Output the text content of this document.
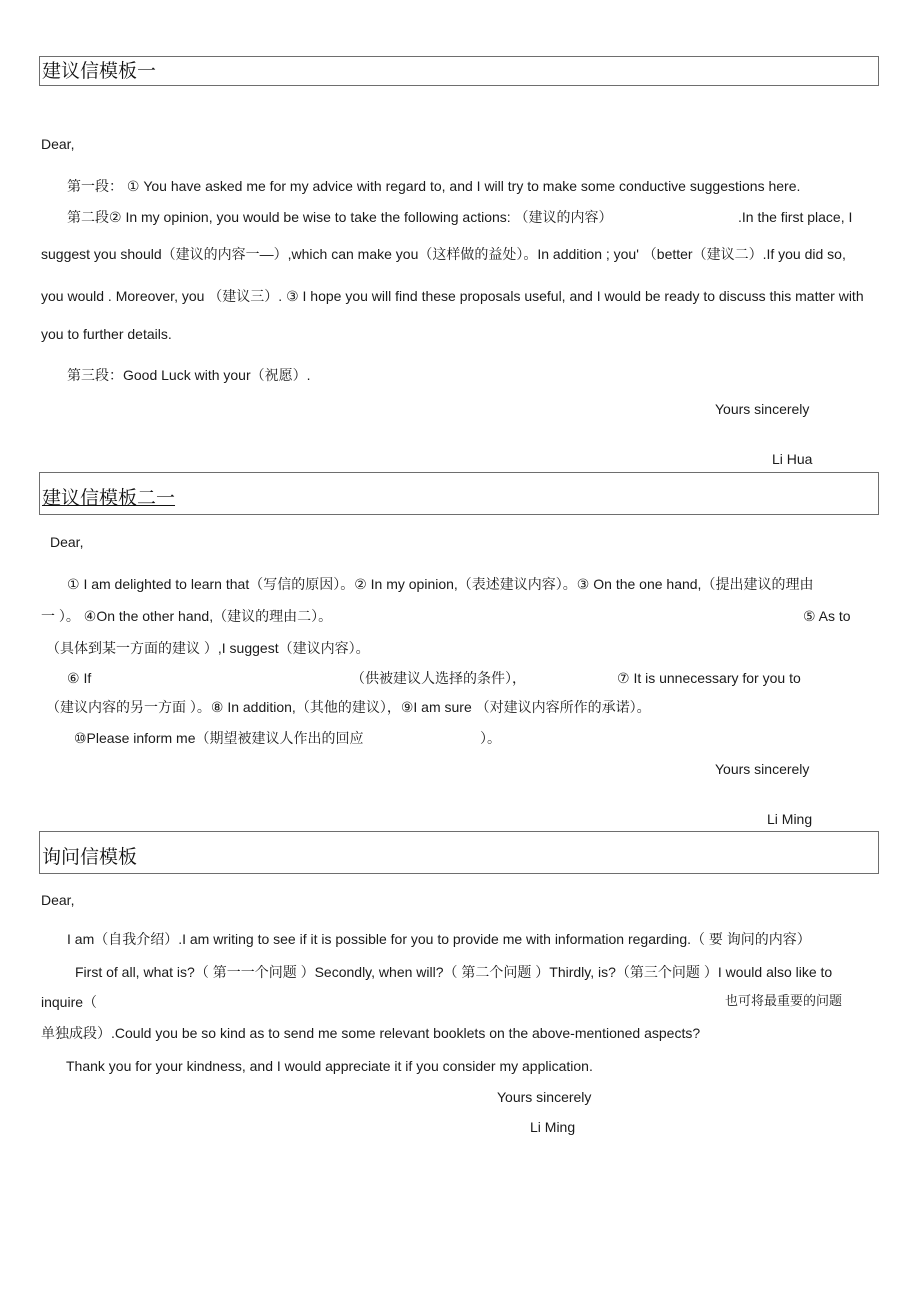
建议信模板一
Dear,
第一段： ① You have asked me for my advice with regard to, and I will try to make some conductive suggestions here.
第二段② In my opinion, you would be wise to take the following actions: （建议的内容）	.In the first place, I
suggest you should（建议的内容一—）,which can make you（这样做的益处）。In addition ; you' （better（建议二）.If you did so,
you would . Moreover, you （建议三）. ③ I hope you will find these proposals useful, and I would be ready to discuss this matter with
you to further details.
第三段：Good Luck with your（祝愿）.
Yours sincerely
Li Hua
建议信模板二一
Dear,
① I am delighted to learn that（写信的原因）。② In my opinion,（表述建议内容）。③ On the one hand,（提出建议的理由
一 ）。 ④On the other hand,（建议的理由二）。	⑤ As to
（具体到某一方面的建议 ）,I suggest（建议内容）。
⑥ If	（供被建议人选择的条件），	⑦ It is unnecessary for you to
（建议内容的另一方面 ）。⑧ In addition,（其他的建议），⑨I am sure （对建议内容所作的承诺）。
⑩Please inform me（期望被建议人作出的回应	）。
Yours sincerely
Li Ming
询问信模板
Dear,
I am（自我介绍）.I am writing to see if it is possible for you to provide me with information regarding.（ 要 询问的内容）
First of all, what is?（ 第一一个问题 ）Secondly, when will?（ 第二个问题 ）Thirdly, is?（第三个问题 ）I would also like to
inquire（	也可将最重要的问题
单独成段）.Could you be so kind as to send me some relevant booklets on the above-mentioned aspects?
Thank you for your kindness, and I would appreciate it if you consider my application.
Yours sincerely
Li Ming
